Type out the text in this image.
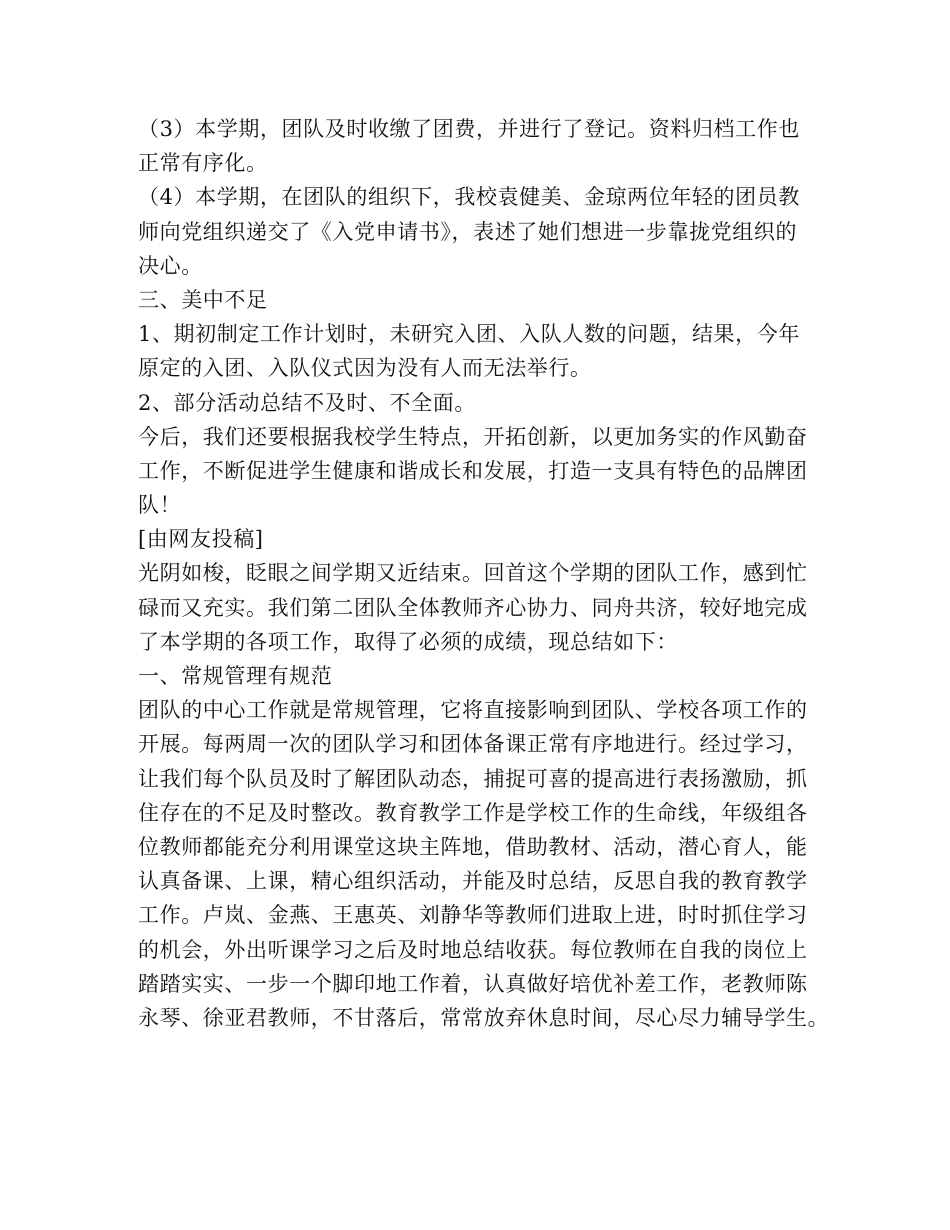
（3）本学期，团队及时收缴了团费，并进行了登记。资料归档工作也
正常有序化。
（4）本学期，在团队的组织下，我校袁健美、金琼两位年轻的团员教
师向党组织递交了《入党申请书》，表述了她们想进一步靠拢党组织的
决心。
三、美中不足
1、期初制定工作计划时，未研究入团、入队人数的问题，结果，今年
原定的入团、入队仪式因为没有人而无法举行。
2、部分活动总结不及时、不全面。
今后，我们还要根据我校学生特点，开拓创新，以更加务实的作风勤奋
工作，不断促进学生健康和谐成长和发展，打造一支具有特色的品牌团
队！
[由网友投稿]
光阴如梭，眨眼之间学期又近结束。回首这个学期的团队工作，感到忙
碌而又充实。我们第二团队全体教师齐心协力、同舟共济，较好地完成
了本学期的各项工作，取得了必须的成绩，现总结如下：
一、常规管理有规范
团队的中心工作就是常规管理，它将直接影响到团队、学校各项工作的
开展。每两周一次的团队学习和团体备课正常有序地进行。经过学习，
让我们每个队员及时了解团队动态，捕捉可喜的提高进行表扬激励，抓
住存在的不足及时整改。教育教学工作是学校工作的生命线，年级组各
位教师都能充分利用课堂这块主阵地，借助教材、活动，潜心育人，能
认真备课、上课，精心组织活动，并能及时总结，反思自我的教育教学
工作。卢岚、金燕、王惠英、刘静华等教师们进取上进，时时抓住学习
的机会，外出听课学习之后及时地总结收获。每位教师在自我的岗位上
踏踏实实、一步一个脚印地工作着，认真做好培优补差工作，老教师陈
永琴、徐亚君教师，不甘落后，常常放弃休息时间，尽心尽力辅导学生。
